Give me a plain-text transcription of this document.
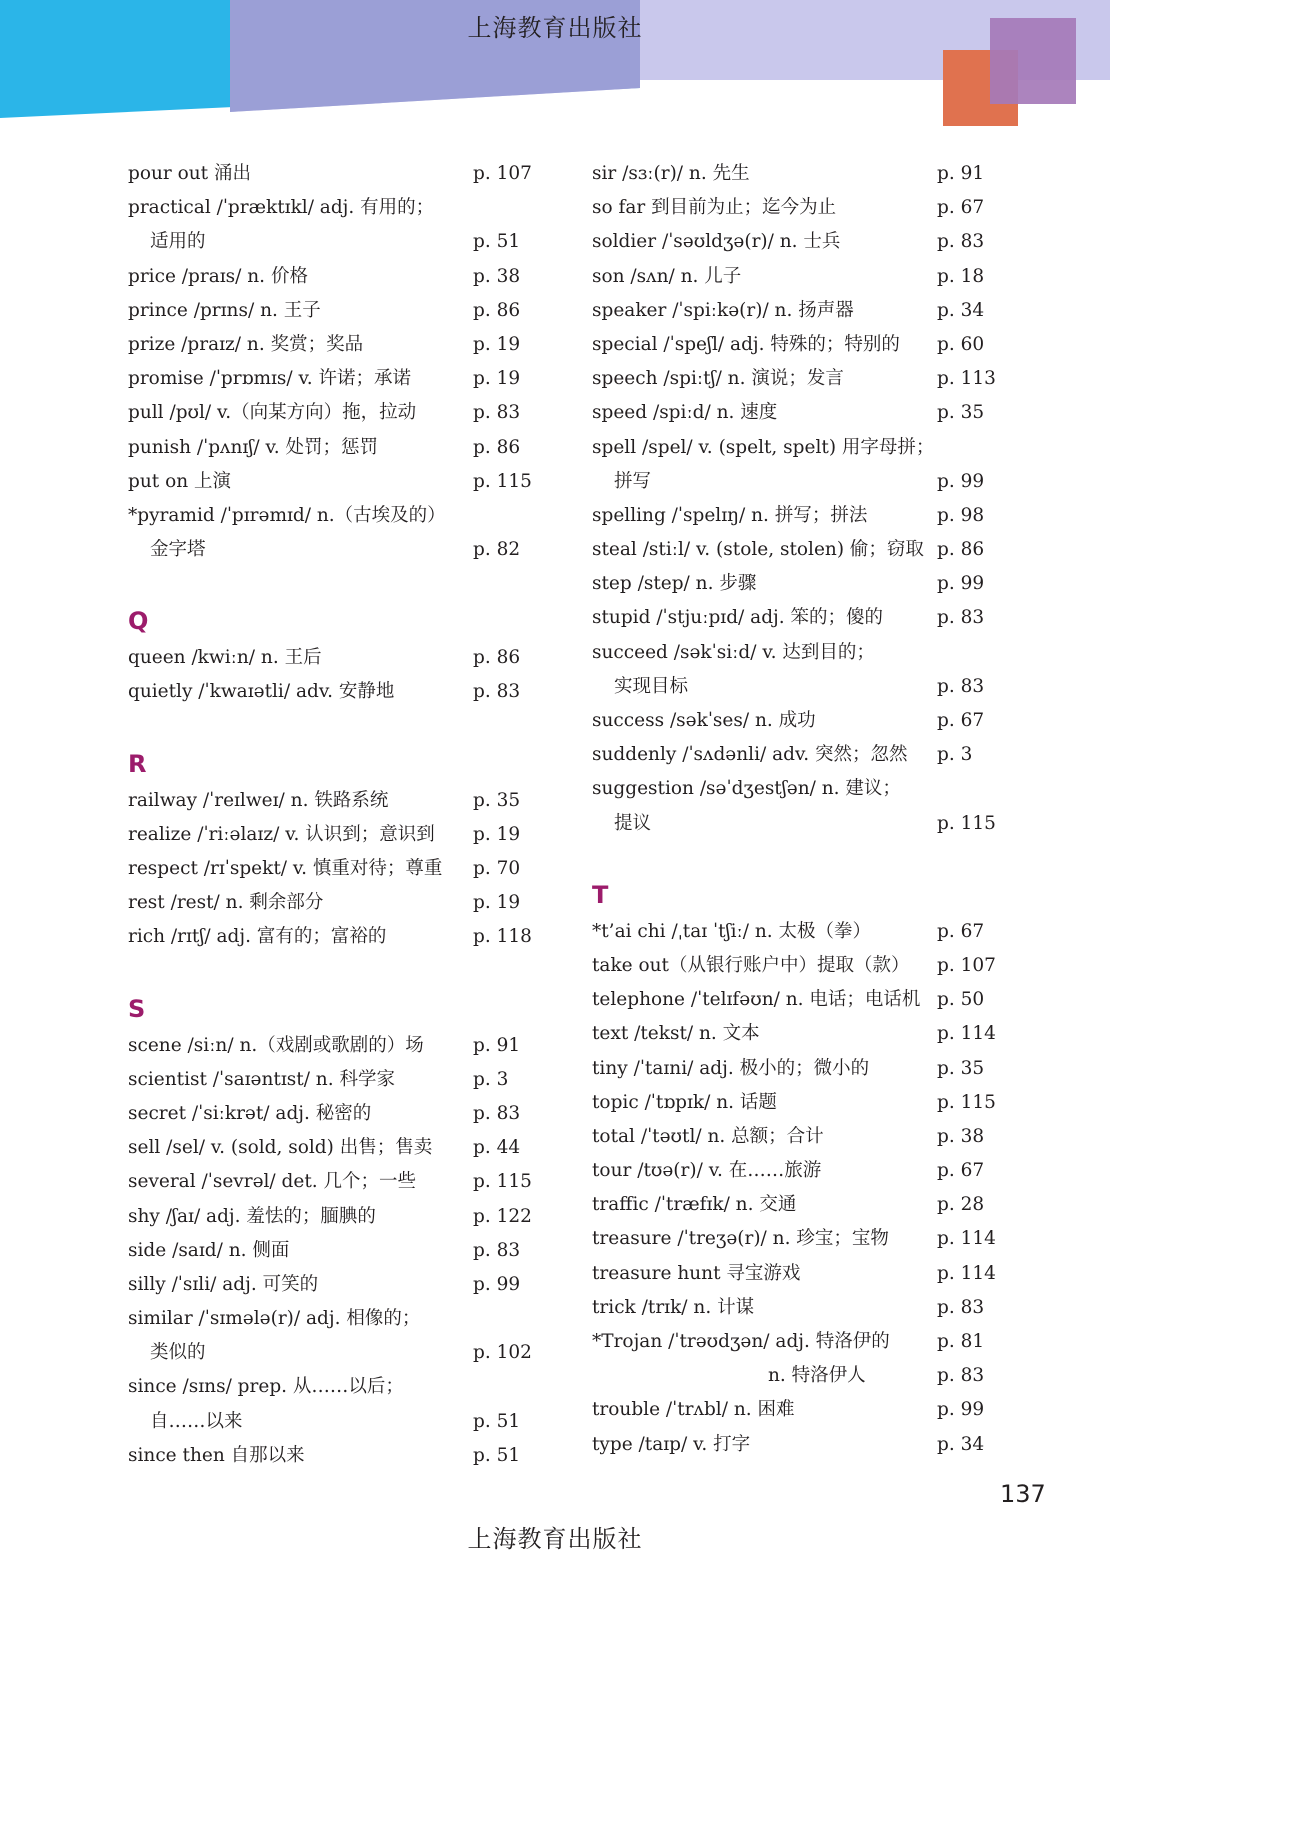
上海教育出版社
pour out 涌出	p. 107
practical /ˈpræktɪkl/ adj. 有用的；
适用的	p. 51
price /praɪs/ n. 价格	p. 38
prince /prɪns/ n. 王子	p. 86
prize /praɪz/ n. 奖赏；奖品	p. 19
promise /ˈprɒmɪs/ v. 许诺；承诺	p. 19
pull /pʊl/ v.（向某方向）拖，拉动	p. 83
punish /ˈpʌnɪʃ/ v. 处罚；惩罚	p. 86
put on 上演	p. 115
*pyramid /ˈpɪrəmɪd/ n.（古埃及的）
金字塔	p. 82
Q
queen /kwiːn/ n. 王后	p. 86
quietly /ˈkwaɪətli/ adv. 安静地	p. 83
R
railway /ˈreɪlweɪ/ n. 铁路系统	p. 35
realize /ˈriːəlaɪz/ v. 认识到；意识到	p. 19
respect /rɪˈspekt/ v. 慎重对待；尊重	p. 70
rest /rest/ n. 剩余部分	p. 19
rich /rɪtʃ/ adj. 富有的；富裕的	p. 118
S
scene /siːn/ n.（戏剧或歌剧的）场	p. 91
scientist /ˈsaɪəntɪst/ n. 科学家	p. 3
secret /ˈsiːkrət/ adj. 秘密的	p. 83
sell /sel/ v. (sold, sold) 出售；售卖	p. 44
several /ˈsevrəl/ det. 几个；一些	p. 115
shy /ʃaɪ/ adj. 羞怯的；腼腆的	p. 122
side /saɪd/ n. 侧面	p. 83
silly /ˈsɪli/ adj. 可笑的	p. 99
similar /ˈsɪmələ(r)/ adj. 相像的；
类似的	p. 102
since /sɪns/ prep. 从……以后；
自……以来	p. 51
since then 自那以来	p. 51
sir /sɜː(r)/ n. 先生	p. 91
so far 到目前为止；迄今为止	p. 67
soldier /ˈsəʊldʒə(r)/ n. 士兵	p. 83
son /sʌn/ n. 儿子	p. 18
speaker /ˈspiːkə(r)/ n. 扬声器	p. 34
special /ˈspeʃl/ adj. 特殊的；特别的	p. 60
speech /spiːtʃ/ n. 演说；发言	p. 113
speed /spiːd/ n. 速度	p. 35
spell /spel/ v. (spelt, spelt) 用字母拼；
拼写	p. 99
spelling /ˈspelɪŋ/ n. 拼写；拼法	p. 98
steal /stiːl/ v. (stole, stolen) 偷；窃取 p. 86
step /step/ n. 步骤	p. 99
stupid /ˈstjuːpɪd/ adj. 笨的；傻的	p. 83
succeed /səkˈsiːd/ v. 达到目的；
实现目标	p. 83
success /səkˈses/ n. 成功	p. 67
suddenly /ˈsʌdənli/ adv. 突然；忽然	p. 3
suggestion /səˈdʒestʃən/ n. 建议；
提议	p. 115
T
*t’ai chi /ˌtaɪ ˈtʃiː/ n. 太极（拳）	p. 67
take out（从银行账户中）提取（款）	p. 107
telephone /ˈtelɪfəʊn/ n. 电话；电话机 p. 50
text /tekst/ n. 文本	p. 114
tiny /ˈtaɪni/ adj. 极小的；微小的	p. 35
topic /ˈtɒpɪk/ n. 话题	p. 115
total /ˈtəʊtl/ n. 总额；合计	p. 38
tour /tʊə(r)/ v. 在……旅游	p. 67
traffic /ˈtræfɪk/ n. 交通	p. 28
treasure /ˈtreʒə(r)/ n. 珍宝；宝物	p. 114
treasure hunt 寻宝游戏	p. 114
trick /trɪk/ n. 计谋	p. 83
*Trojan /ˈtrəʊdʒən/ adj. 特洛伊的	p. 81
n. 特洛伊人	p. 83
trouble /ˈtrʌbl/ n. 困难	p. 99
type /taɪp/ v. 打字	p. 34
137
上海教育出版社
